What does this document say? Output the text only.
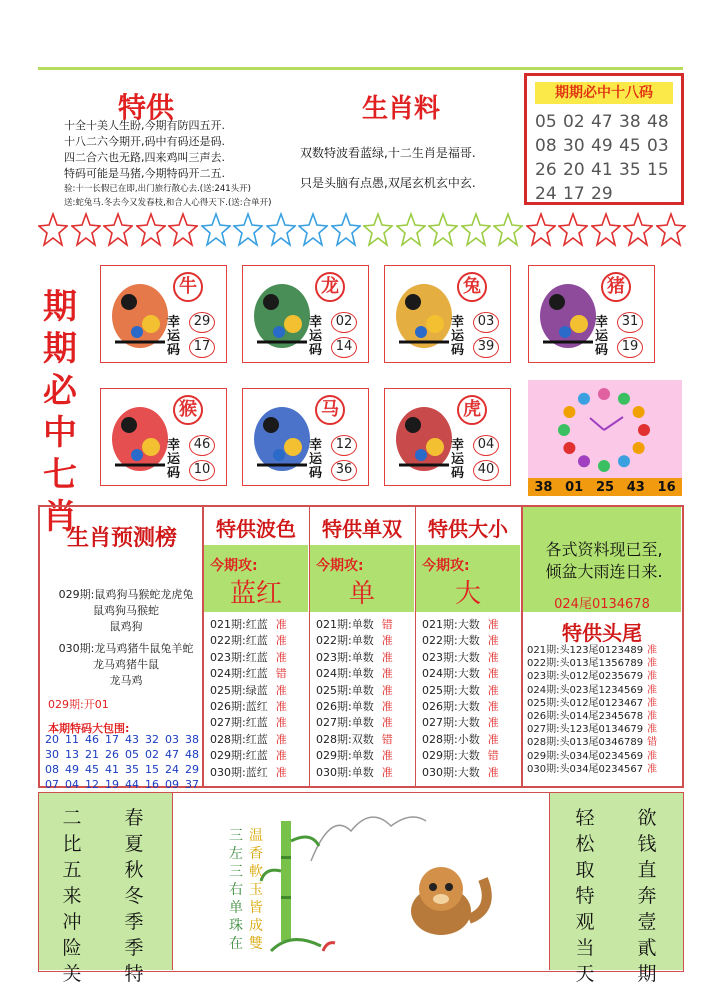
特供	生肖料
十全十美人生盼,今期有防四五开.
十八二六今期开,码中有码还是码.
四二合六也无路,四来鸡叫三声去.
特码可能是马猪,今期特码开二五.
验:十一长假已在即,出门旅行散心去.(送:241头开)
送:蛇兔马.冬去今又发春枝,和合人心得天下.(送:合单开)
双数特波看蓝绿,十二生肖是福哥.
只是头脑有点愚,双尾玄机玄中玄.
期期必中十八码
05 02 47 38 48
08 30 49 45 03
26 20 41 35 15
24 17 29
期
期
必
中
七
肖
牛
幸运码
29
17
龙
幸运码
02
14
兔
幸运码
03
39
猪
幸运码
31
19
猴
幸运码
46
10
马
幸运码
12
36
虎
幸运码
04
40
38 01 25 43 16
生肖预测榜
029期:鼠鸡狗马猴蛇龙虎兔
鼠鸡狗马猴蛇
鼠鸡狗
030期:龙马鸡猪牛鼠兔羊蛇
龙马鸡猪牛鼠
龙马鸡
029期:开01
本期特码大包围:
20 11 46 17 43 32 03 38
30 13 21 26 05 02 47 48
08 49 45 41 35 15 24 29
07 04 12 19 44 16 09 37
特供波色
今期攻:
蓝红
021期:红蓝 准
022期:红蓝 准
023期:红蓝 准
024期:红蓝 错
025期:绿蓝 准
026期:蓝红 准
027期:红蓝 准
028期:红蓝 准
029期:红蓝 准
030期:蓝红 准
特供单双
今期攻:
单
021期:单数 错
022期:单数 准
023期:单数 准
024期:单数 准
025期:单数 准
026期:单数 准
027期:单数 准
028期:双数 错
029期:单数 准
030期:单数 准
特供大小
今期攻:
大
021期:大数 准
022期:大数 准
023期:大数 准
024期:大数 准
025期:大数 准
026期:大数 准
027期:大数 准
028期:小数 准
029期:大数 错
030期:大数 准
各式资料现已至,
倾盆大雨连日来.
024尾0134678
特供头尾
021期:头123尾0123489 准
022期:头013尾1356789 准
023期:头012尾0235679 准
024期:头023尾1234569 准
025期:头012尾0123467 准
026期:头014尾2345678 准
027期:头123尾0134679 准
028期:头013尾0346789 错
029期:头034尾0234569 准
030期:头034尾0234567 准
二
比
五
来
冲
险
关
春
夏
秋
冬
季
季
特
三
左
三
右
单
珠
在
温
香
軟
玉
皆
成
雙
轻
松
取
特
观
当
天
欲
钱
直
奔
壹
貳
期
